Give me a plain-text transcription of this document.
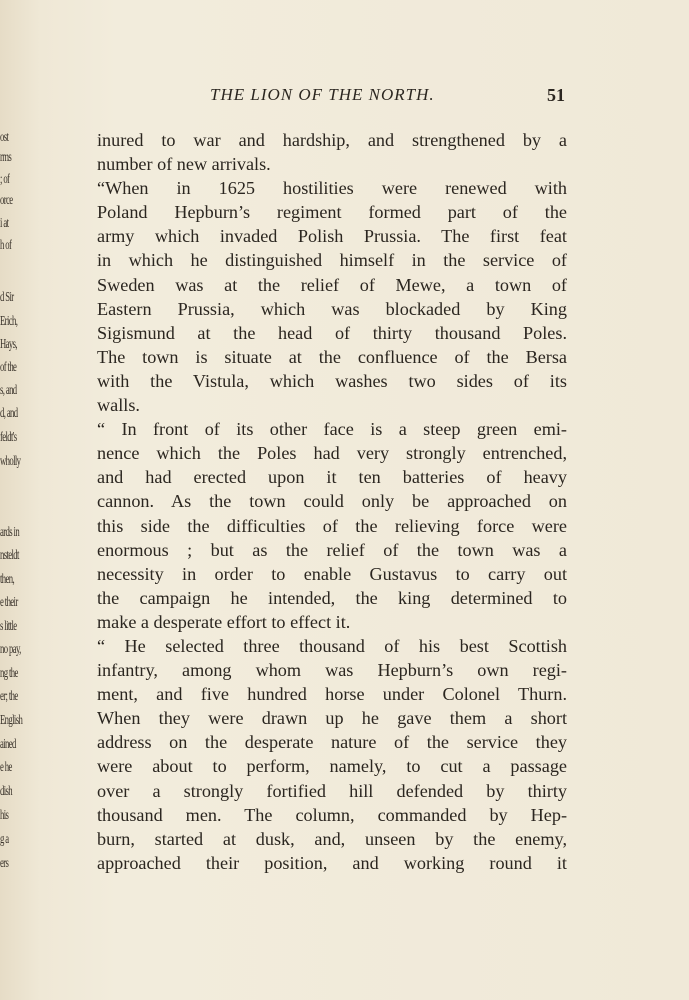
ost
rms
; of
orce
i at
h of
d Sir
Erich,
Hays,
of the
s, and
d, and
feldt's
wholly
ards in
nsteldt
then,
e their
s little
no pay,
ng the
er; the
English
ained
e he
dish
his
g a
ers
THE LION OF THE NORTH.	51
inured to war and hardship, and strengthened by a
number of new arrivals.
“When in 1625 hostilities were renewed with
Poland Hepburn’s regiment formed part of the
army which invaded Polish Prussia. The first feat
in which he distinguished himself in the service of
Sweden was at the relief of Mewe, a town of
Eastern Prussia, which was blockaded by King
Sigismund at the head of thirty thousand Poles.
The town is situate at the confluence of the Bersa
with the Vistula, which washes two sides of its
walls.
“ In front of its other face is a steep green emi-
nence which the Poles had very strongly entrenched,
and had erected upon it ten batteries of heavy
cannon. As the town could only be approached on
this side the difficulties of the relieving force were
enormous ; but as the relief of the town was a
necessity in order to enable Gustavus to carry out
the campaign he intended, the king determined to
make a desperate effort to effect it.
“ He selected three thousand of his best Scottish
infantry, among whom was Hepburn’s own regi-
ment, and five hundred horse under Colonel Thurn.
When they were drawn up he gave them a short
address on the desperate nature of the service they
were about to perform, namely, to cut a passage
over a strongly fortified hill defended by thirty
thousand men. The column, commanded by Hep-
burn, started at dusk, and, unseen by the enemy,
approached their position, and working round it
